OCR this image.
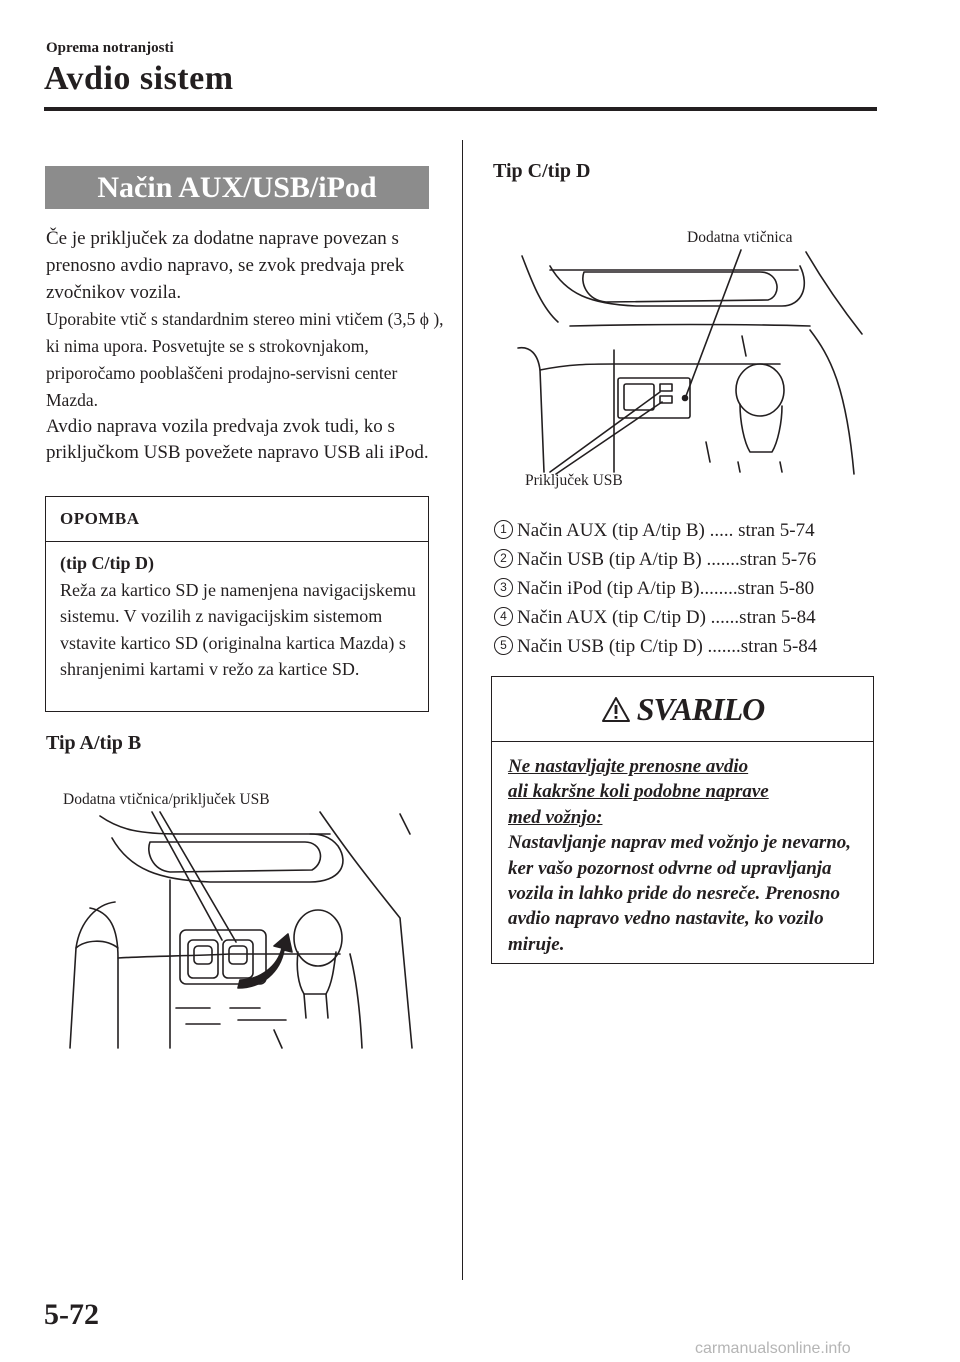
Oprema notranjosti
Avdio sistem
Način AUX/USB/iPod

Če je priključek za dodatne naprave povezan s prenosno avdio napravo, se zvok predvaja prek zvočnikov vozila.

Uporabite vtič s standardnim stereo mini vtičem (3,5 ϕ ), ki nima upora. Posvetujte se s strokovnjakom, priporočamo pooblaščeni prodajno-servisni center Mazda.

Avdio naprava vozila predvaja zvok tudi, ko s priključkom USB povežete napravo USB ali iPod.

OPOMBA
(tip C/tip D)
Reža za kartico SD je namenjena navigacijskemu sistemu. V vozilih z navigacijskim sistemom vstavite kartico SD (originalna kartica Mazda) s shranjenimi kartami v režo za kartice SD.
Tip A/tip B
Dodatna vtičnica/priključek USB
Tip C/tip D
Dodatna vtičnica
Priključek USB
1 Način AUX (tip A/tip B) ..... stran 5-74
2 Način USB (tip A/tip B) .......stran 5-76
3 Način iPod (tip A/tip B)........stran 5-80
4 Način AUX (tip C/tip D) ......stran 5-84
5 Način USB (tip C/tip D) .......stran 5-84
SVARILO
Ne nastavljajte prenosne avdio
ali kakršne koli podobne naprave
med vožnjo:
Nastavljanje naprav med vožnjo je nevarno, ker vašo pozornost odvrne od upravljanja vozila in lahko pride do nesreče. Prenosno avdio napravo vedno nastavite, ko vozilo miruje.
5-72
carmanualsonline.info
